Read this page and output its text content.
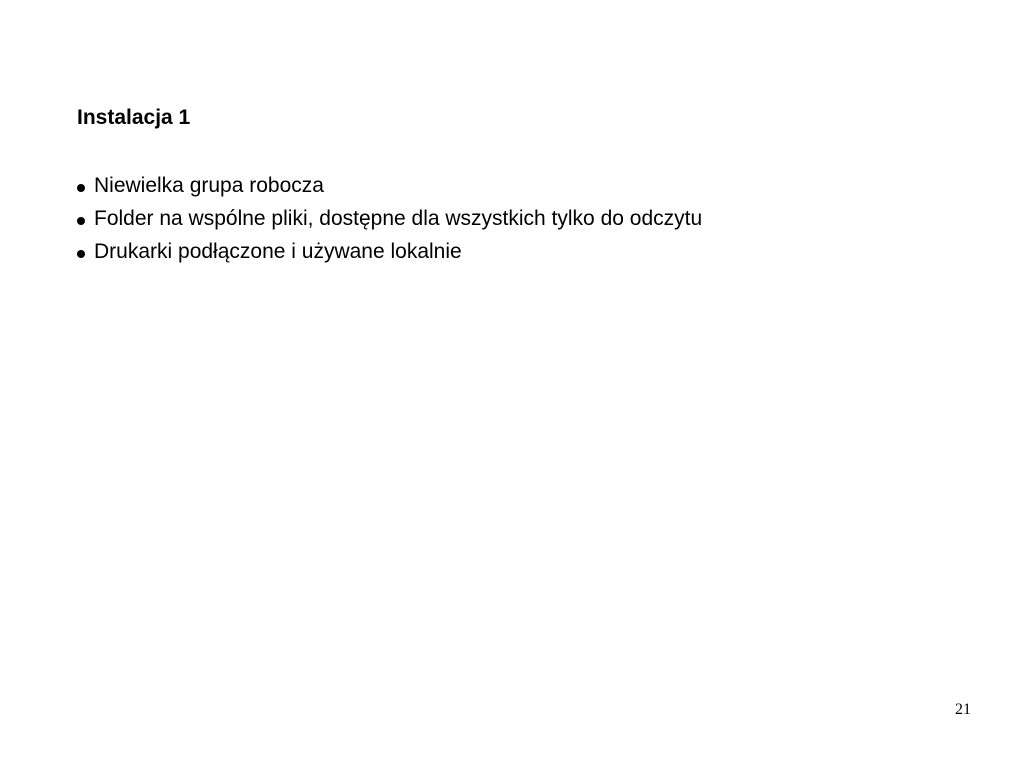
Instalacja 1
Niewielka grupa robocza
Folder na wspólne pliki, dostępne dla wszystkich tylko do odczytu
Drukarki podłączone i używane lokalnie
21
